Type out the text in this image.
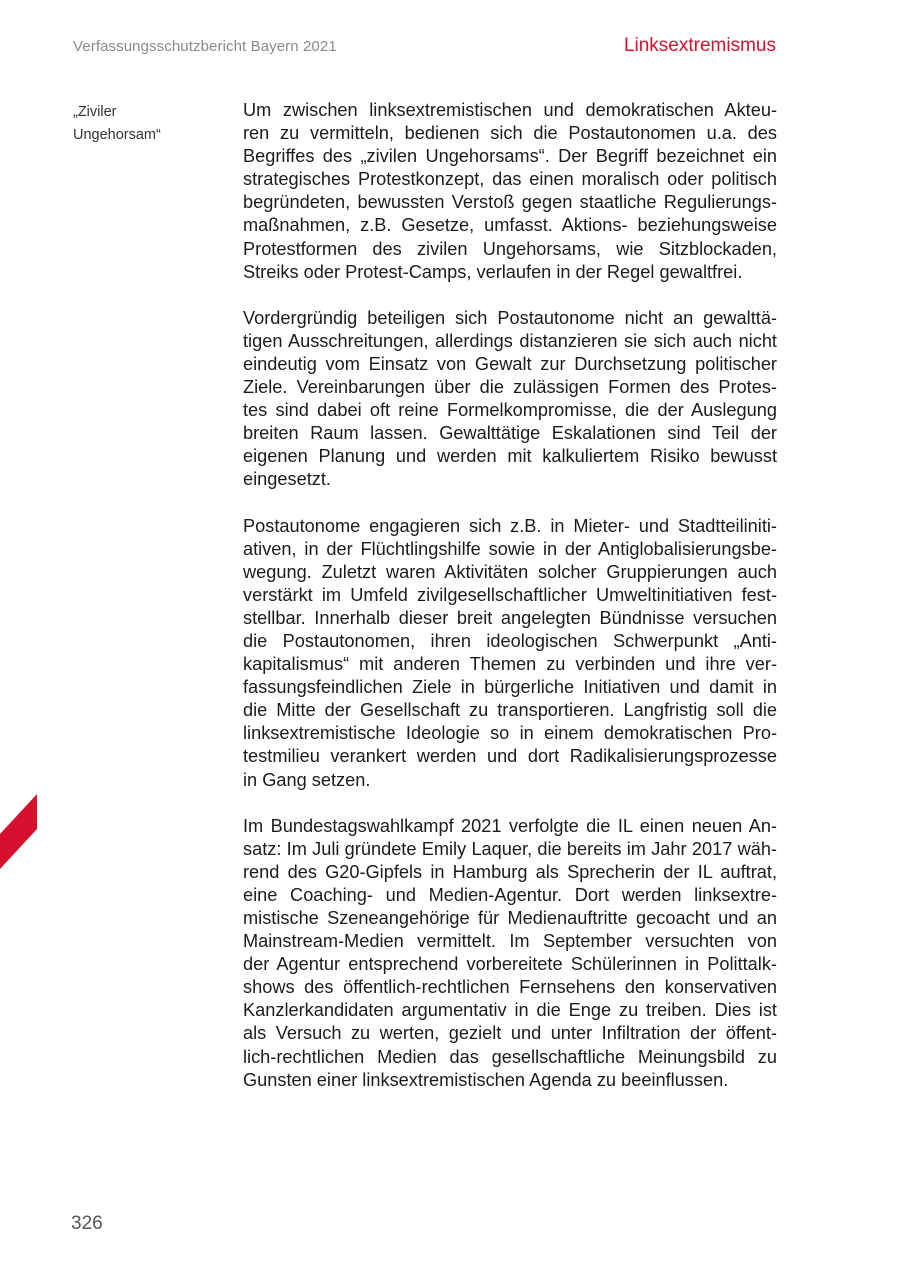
Verfassungsschutzbericht Bayern 2021	Linksextremismus
„Ziviler
Ungehorsam“

Um zwischen linksextremistischen und demokratischen Akteu-
ren zu vermitteln, bedienen sich die Postautonomen u.a. des
Begriffes des „zivilen Ungehorsams“. Der Begriff bezeichnet ein
strategisches Protestkonzept, das einen moralisch oder politisch
begründeten, bewussten Verstoß gegen staatliche Regulierungs-
maßnahmen, z.B. Gesetze, umfasst. Aktions- beziehungsweise
Protestformen des zivilen Ungehorsams, wie Sitzblockaden,
Streiks oder Protest-Camps, verlaufen in der Regel gewaltfrei.

Vordergründig beteiligen sich Postautonome nicht an gewalttä-
tigen Ausschreitungen, allerdings distanzieren sie sich auch nicht
eindeutig vom Einsatz von Gewalt zur Durchsetzung politischer
Ziele. Vereinbarungen über die zulässigen Formen des Protes-
tes sind dabei oft reine Formelkompromisse, die der Auslegung
breiten Raum lassen. Gewalttätige Eskalationen sind Teil der
eigenen Planung und werden mit kalkuliertem Risiko bewusst
eingesetzt.

Postautonome engagieren sich z.B. in Mieter- und Stadtteiliniti-
ativen, in der Flüchtlingshilfe sowie in der Antiglobalisierungsbe-
wegung. Zuletzt waren Aktivitäten solcher Gruppierungen auch
verstärkt im Umfeld zivilgesellschaftlicher Umweltinitiativen fest-
stellbar. Innerhalb dieser breit angelegten Bündnisse versuchen
die Postautonomen, ihren ideologischen Schwerpunkt „Anti-
kapitalismus“ mit anderen Themen zu verbinden und ihre ver-
fassungsfeindlichen Ziele in bürgerliche Initiativen und damit in
die Mitte der Gesellschaft zu transportieren. Langfristig soll die
linksextremistische Ideologie so in einem demokratischen Pro-
testmilieu verankert werden und dort Radikalisierungsprozesse
in Gang setzen.

Im Bundestagswahlkampf 2021 verfolgte die IL einen neuen An-
satz: Im Juli gründete Emily Laquer, die bereits im Jahr 2017 wäh-
rend des G20-Gipfels in Hamburg als Sprecherin der IL auftrat,
eine Coaching- und Medien-Agentur. Dort werden linksextre-
mistische Szeneangehörige für Medienauftritte gecoacht und an
Mainstream-Medien vermittelt. Im September versuchten von
der Agentur entsprechend vorbereitete Schülerinnen in Polittalk-
shows des öffentlich-rechtlichen Fernsehens den konservativen
Kanzlerkandidaten argumentativ in die Enge zu treiben. Dies ist
als Versuch zu werten, gezielt und unter Infiltration der öffent-
lich-rechtlichen Medien das gesellschaftliche Meinungsbild zu
Gunsten einer linksextremistischen Agenda zu beeinflussen.

326
